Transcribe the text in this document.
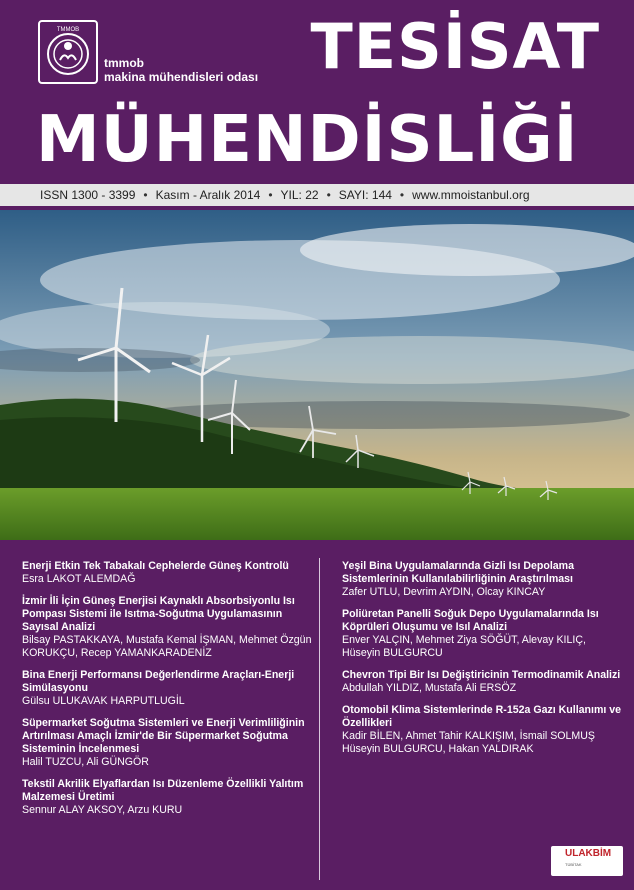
TMMOB
tmmob
makina mühendisleri odası TESİSAT
MÜHENDİSLİĞİ
ISSN 1300 - 3399 • Kasım - Aralık 2014 • YIL: 22 • SAYI: 144 • www.mmoistanbul.org
Enerji Etkin Tek Tabakalı Cephelerde Güneş Kontrolü
Esra LAKOT ALEMDAĞ
İzmir İli İçin Güneş Enerjisi Kaynaklı Absorbsiyonlu Isı Pompası Sistemi ile Isıtma-Soğutma Uygulamasının Sayısal Analizi
Bilsay PASTAKKAYA, Mustafa Kemal İŞMAN, Mehmet Özgün KORUKÇU, Recep YAMANKARADENİZ
Bina Enerji Performansı Değerlendirme Araçları-Enerji Simülasyonu
Gülsu ULUKAVAK HARPUTLUGİL
Süpermarket Soğutma Sistemleri ve Enerji Verimliliğinin Artırılması Amaçlı İzmir'de Bir Süpermarket Soğutma Sisteminin İncelenmesi
Halil TUZCU, Ali GÜNGÖR
Tekstil Akrilik Elyaflardan Isı Düzenleme Özellikli Yalıtım Malzemesi Üretimi
Sennur ALAY AKSOY, Arzu KURU
Yeşil Bina Uygulamalarında Gizli Isı Depolama Sistemlerinin Kullanılabilirliğinin Araştırılması
Zafer UTLU, Devrim AYDIN, Olcay KINCAY
Poliüretan Panelli Soğuk Depo Uygulamalarında Isı Köprüleri Oluşumu ve Isıl Analizi
Enver YALÇIN, Mehmet Ziya SÖĞÜT, Alevay KILIÇ, Hüseyin BULGURCU
Chevron Tipi Bir Isı Değiştiricinin Termodinamik Analizi
Abdullah YILDIZ, Mustafa Ali ERSÖZ
Otomobil Klima Sistemlerinde R-152a Gazı Kullanımı ve Özellikleri
Kadir BİLEN, Ahmet Tahir KALKIŞIM, İsmail SOLMUŞ Hüseyin BULGURCU, Hakan YALDIRAK
ULAKBİM
TÜBİTAK
